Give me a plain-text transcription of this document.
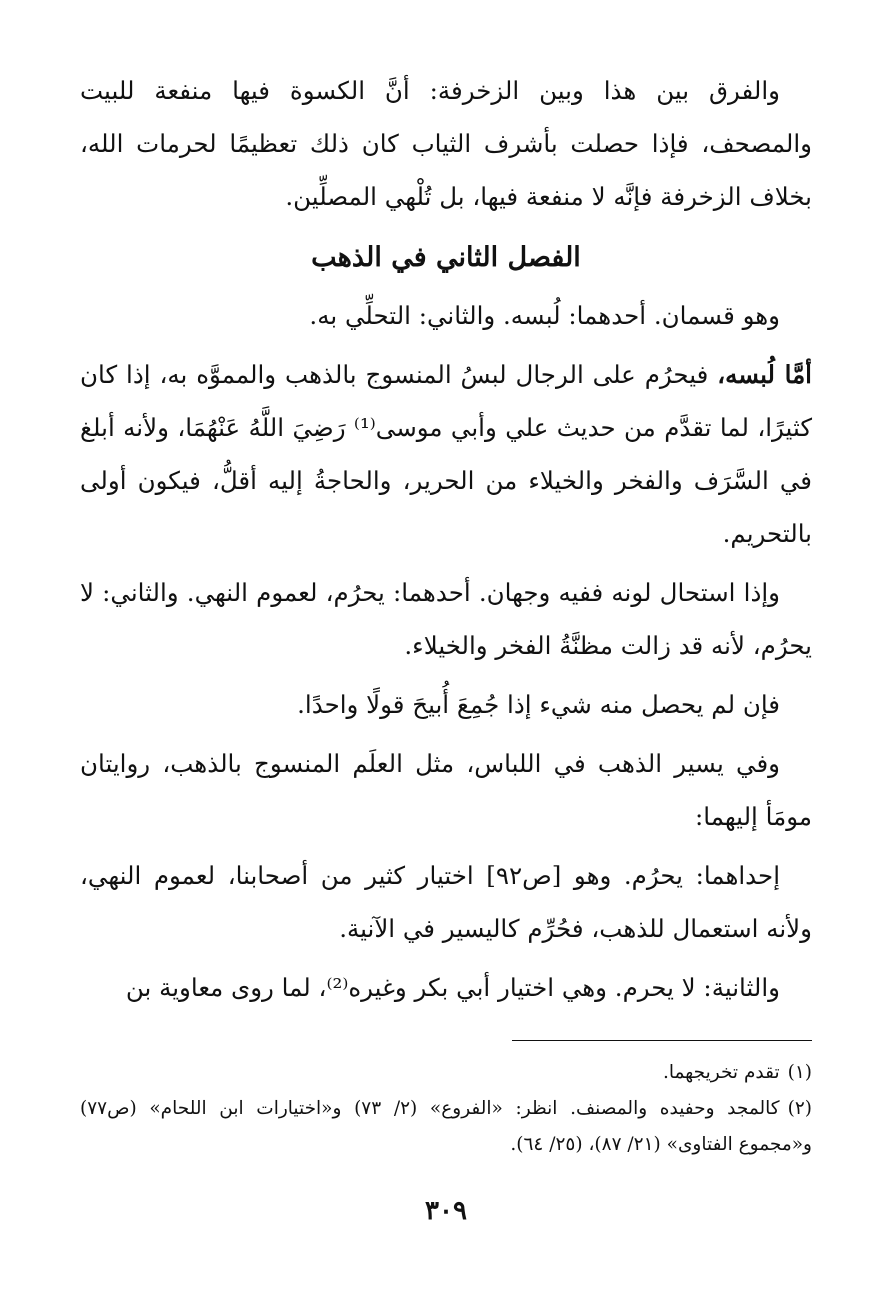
والفرق بين هذا وبين الزخرفة: أنَّ الكسوة فيها منفعة للبيت والمصحف، فإذا حصلت بأشرف الثياب كان ذلك تعظيمًا لحرمات الله، بخلاف الزخرفة فإنَّه لا منفعة فيها، بل تُلْهي المصلِّين.

الفصل الثاني في الذهب

وهو قسمان. أحدهما: لُبسه. والثاني: التحلِّي به.

أمَّا لُبسه، فيحرُم على الرجال لبسُ المنسوج بالذهب والمموَّه به، إذا كان كثيرًا، لما تقدَّم من حديث علي وأبي موسى⁽¹⁾ رَضِيَ اللَّهُ عَنْهُمَا، ولأنه أبلغ في السَّرَف والفخر والخيلاء من الحرير، والحاجةُ إليه أقلُّ، فيكون أولى بالتحريم.

وإذا استحال لونه ففيه وجهان. أحدهما: يحرُم، لعموم النهي. والثاني: لا يحرُم، لأنه قد زالت مظنَّةُ الفخر والخيلاء.

فإن لم يحصل منه شيء إذا جُمِعَ أُبيحَ قولًا واحدًا.

وفي يسير الذهب في اللباس، مثل العلَم المنسوج بالذهب، روايتان مومَأ إليهما:

إحداهما: يحرُم. وهو [ص٩٢] اختيار كثير من أصحابنا، لعموم النهي، ولأنه استعمال للذهب، فحُرِّم كاليسير في الآنية.

والثانية: لا يحرم. وهي اختيار أبي بكر وغيره⁽²⁾، لما روى معاوية بن

(١)تقدم تخريجهما.

(٢)كالمجد وحفيده والمصنف. انظر: «الفروع» (٢/ ٧٣) و«اختيارات ابن اللحام» (ص٧٧) و«مجموع الفتاوى» (٢١/ ٨٧)، (٢٥/ ٦٤).

٣٠٩
